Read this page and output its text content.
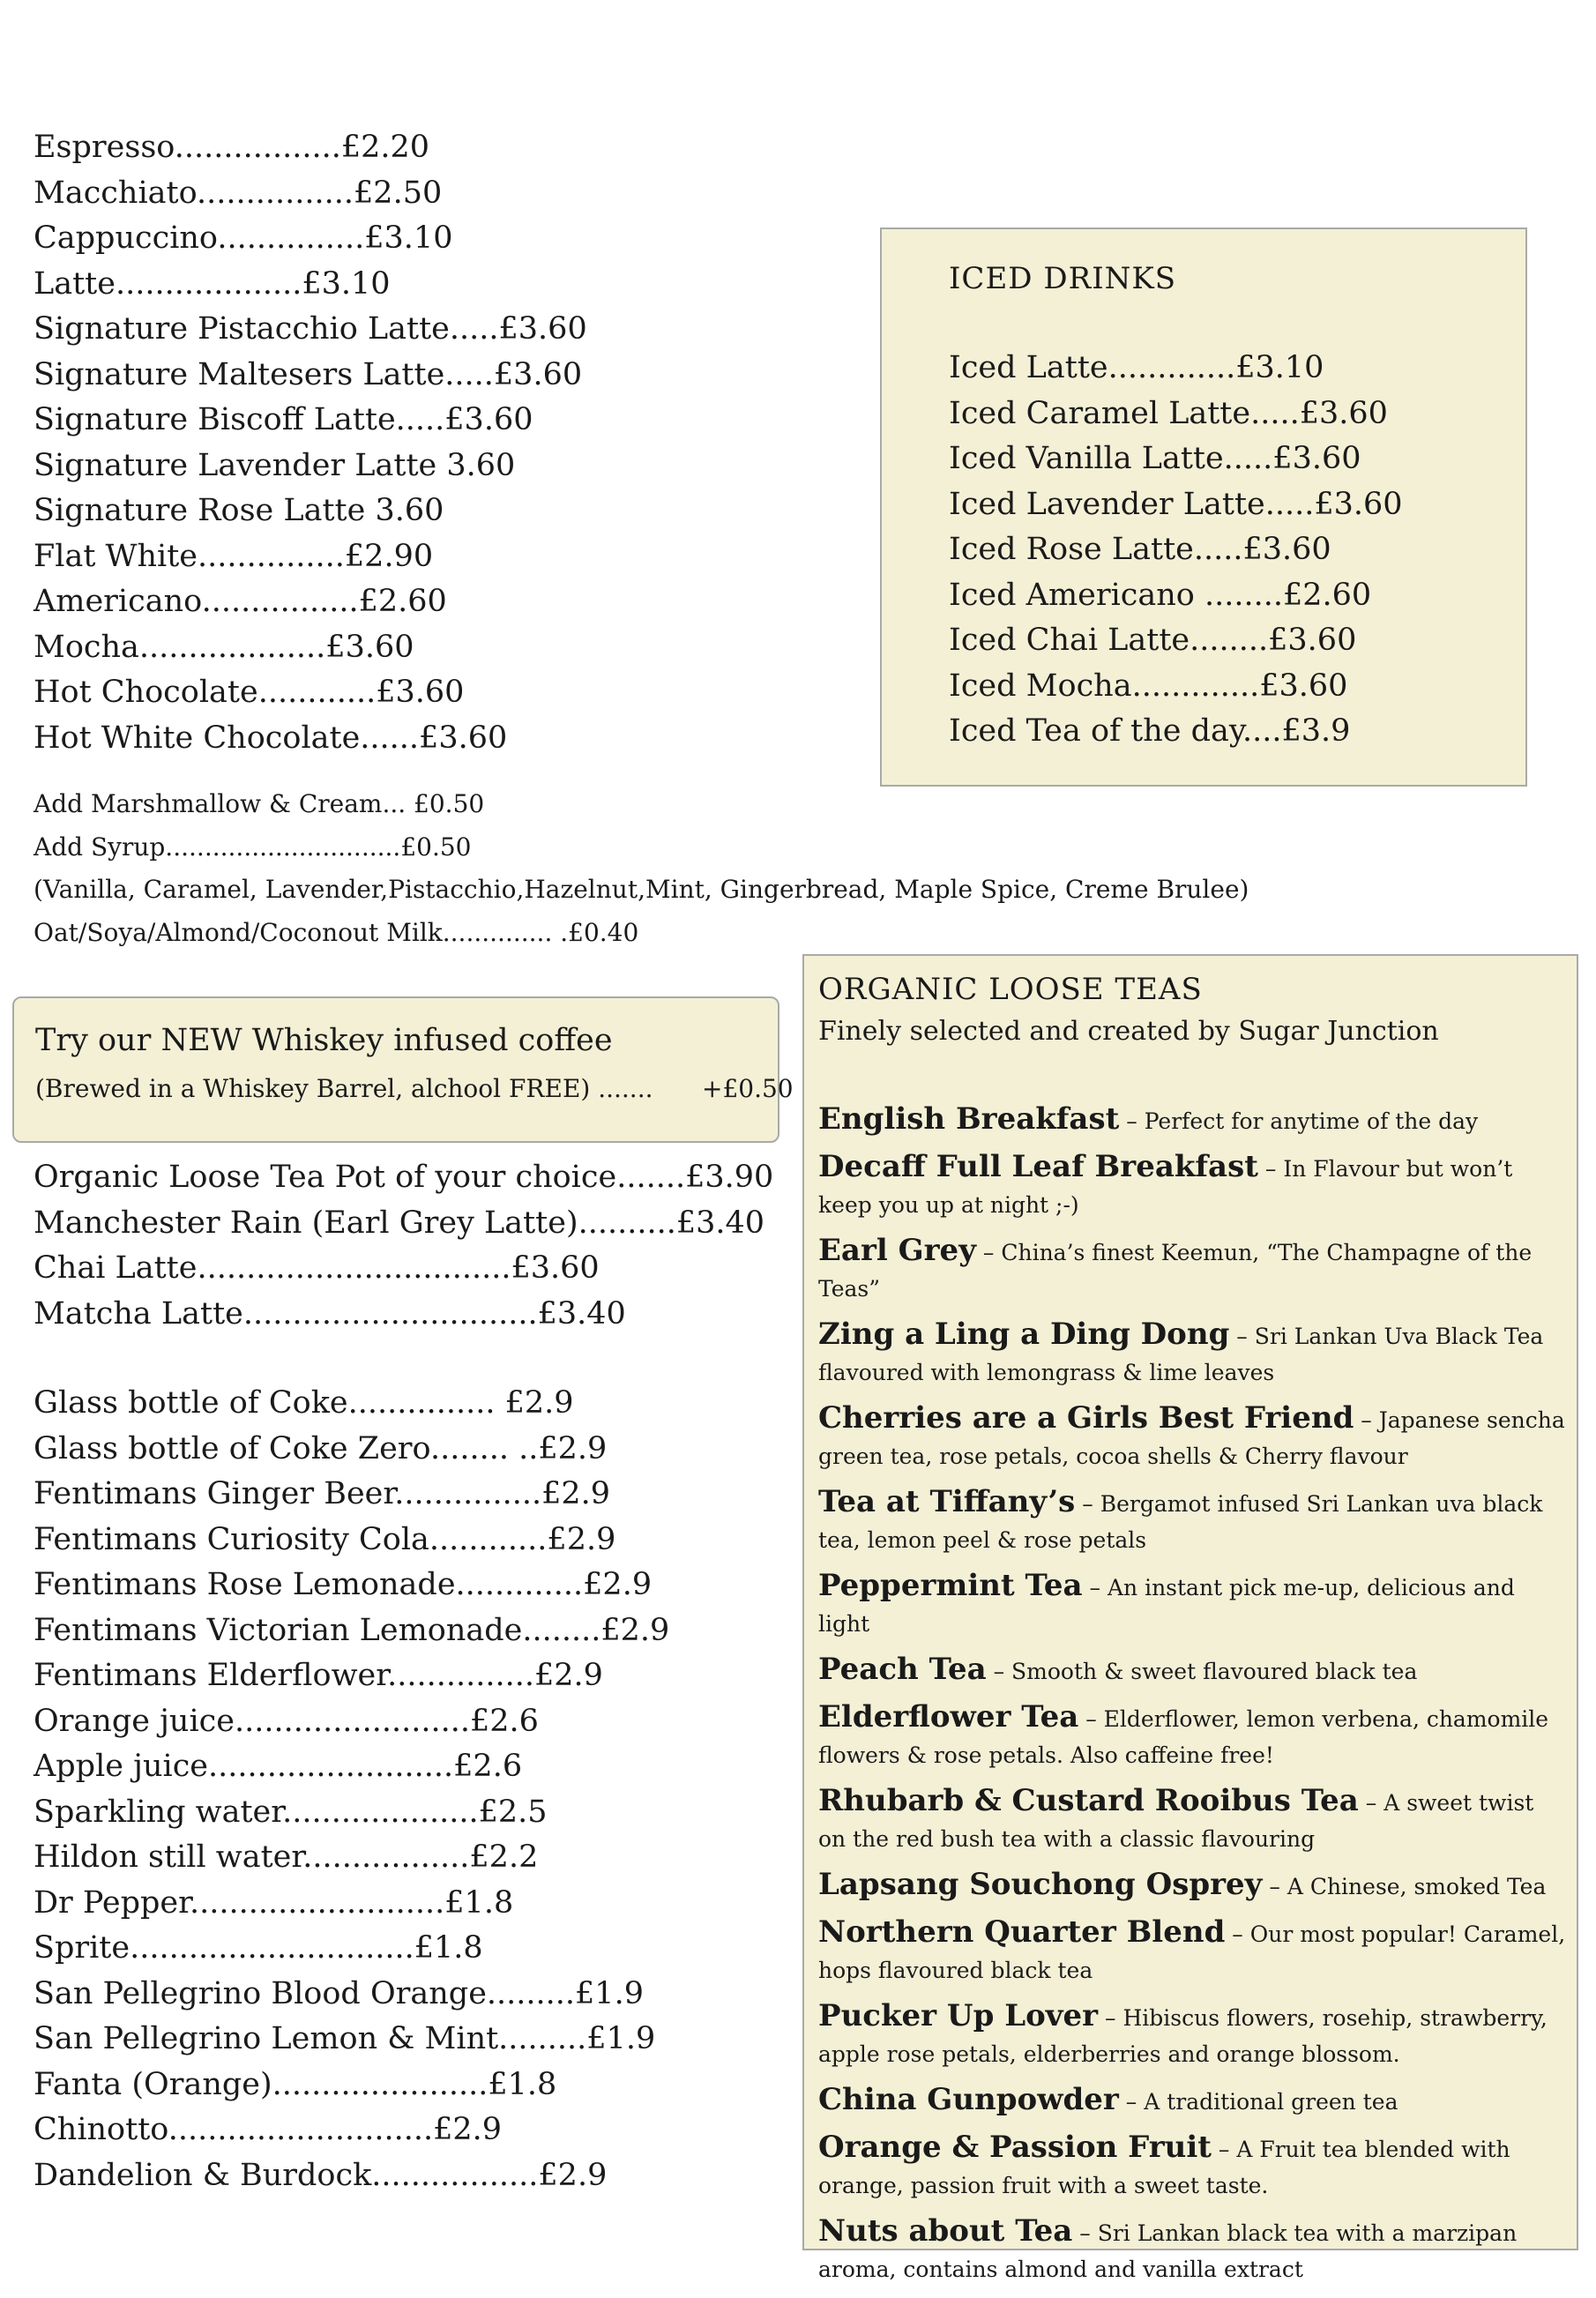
Espresso.................£2.20
Macchiato................£2.50
Cappuccino...............£3.10
Latte...................£3.10
Signature Pistacchio Latte.....£3.60
Signature Maltesers Latte.....£3.60
Signature Biscoff Latte.....£3.60
Signature Lavender Latte 3.60
Signature Rose Latte 3.60
Flat White...............£2.90
Americano................£2.60
Mocha...................£3.60
Hot Chocolate............£3.60
Hot White Chocolate......£3.60
ICED DRINKS
Iced Latte.............£3.10
Iced Caramel Latte.....£3.60
Iced Vanilla Latte.....£3.60
Iced Lavender Latte.....£3.60
Iced Rose Latte.....£3.60
Iced Americano ........£2.60
Iced Chai Latte........£3.60
Iced Mocha.............£3.60
Iced Tea of the day....£3.9
Add Marshmallow & Cream... £0.50
Add Syrup..............................£0.50
(Vanilla, Caramel, Lavender,Pistacchio,Hazelnut,Mint, Gingerbread, Maple Spice, Creme Brulee)
Oat/Soya/Almond/Coconout Milk.............. .£0.40
Try our NEW Whiskey infused coffee
(Brewed in a Whiskey Barrel, alchool FREE) ....... +£0.50
Organic Loose Tea Pot of your choice.......£3.90
Manchester Rain (Earl Grey Latte)..........£3.40
Chai Latte................................£3.60
Matcha Latte..............................£3.40
Glass bottle of Coke............... £2.9
Glass bottle of Coke Zero........ ..£2.9
Fentimans Ginger Beer...............£2.9
Fentimans Curiosity Cola............£2.9
Fentimans Rose Lemonade.............£2.9
Fentimans Victorian Lemonade........£2.9
Fentimans Elderflower...............£2.9
Orange juice........................£2.6
Apple juice.........................£2.6
Sparkling water....................£2.5
Hildon still water.................£2.2
Dr Pepper..........................£1.8
Sprite.............................£1.8
San Pellegrino Blood Orange.........£1.9
San Pellegrino Lemon & Mint.........£1.9
Fanta (Orange)......................£1.8
Chinotto...........................£2.9
Dandelion & Burdock.................£2.9
ORGANIC LOOSE TEAS
Finely selected and created by Sugar Junction
English Breakfast – Perfect for anytime of the day
Decaff Full Leaf Breakfast – In Flavour but won’t keep you up at night ;-)
Earl Grey – China’s finest Keemun, “The Champagne of the Teas”
Zing a Ling a Ding Dong – Sri Lankan Uva Black Tea flavoured with lemongrass & lime leaves
Cherries are a Girls Best Friend – Japanese sencha green tea, rose petals, cocoa shells & Cherry flavour
Tea at Tiffany’s – Bergamot infused Sri Lankan uva black tea, lemon peel & rose petals
Peppermint Tea – An instant pick me-up, delicious and light
Peach Tea – Smooth & sweet flavoured black tea
Elderflower Tea – Elderflower, lemon verbena, chamomile flowers & rose petals. Also caffeine free!
Rhubarb & Custard Rooibus Tea – A sweet twist on the red bush tea with a classic flavouring
Lapsang Souchong Osprey – A Chinese, smoked Tea
Northern Quarter Blend – Our most popular! Caramel, hops flavoured black tea
Pucker Up Lover – Hibiscus flowers, rosehip, strawberry, apple rose petals, elderberries and orange blossom.
China Gunpowder – A traditional green tea
Orange & Passion Fruit – A Fruit tea blended with orange, passion fruit with a sweet taste.
Nuts about Tea – Sri Lankan black tea with a marzipan aroma, contains almond and vanilla extract
